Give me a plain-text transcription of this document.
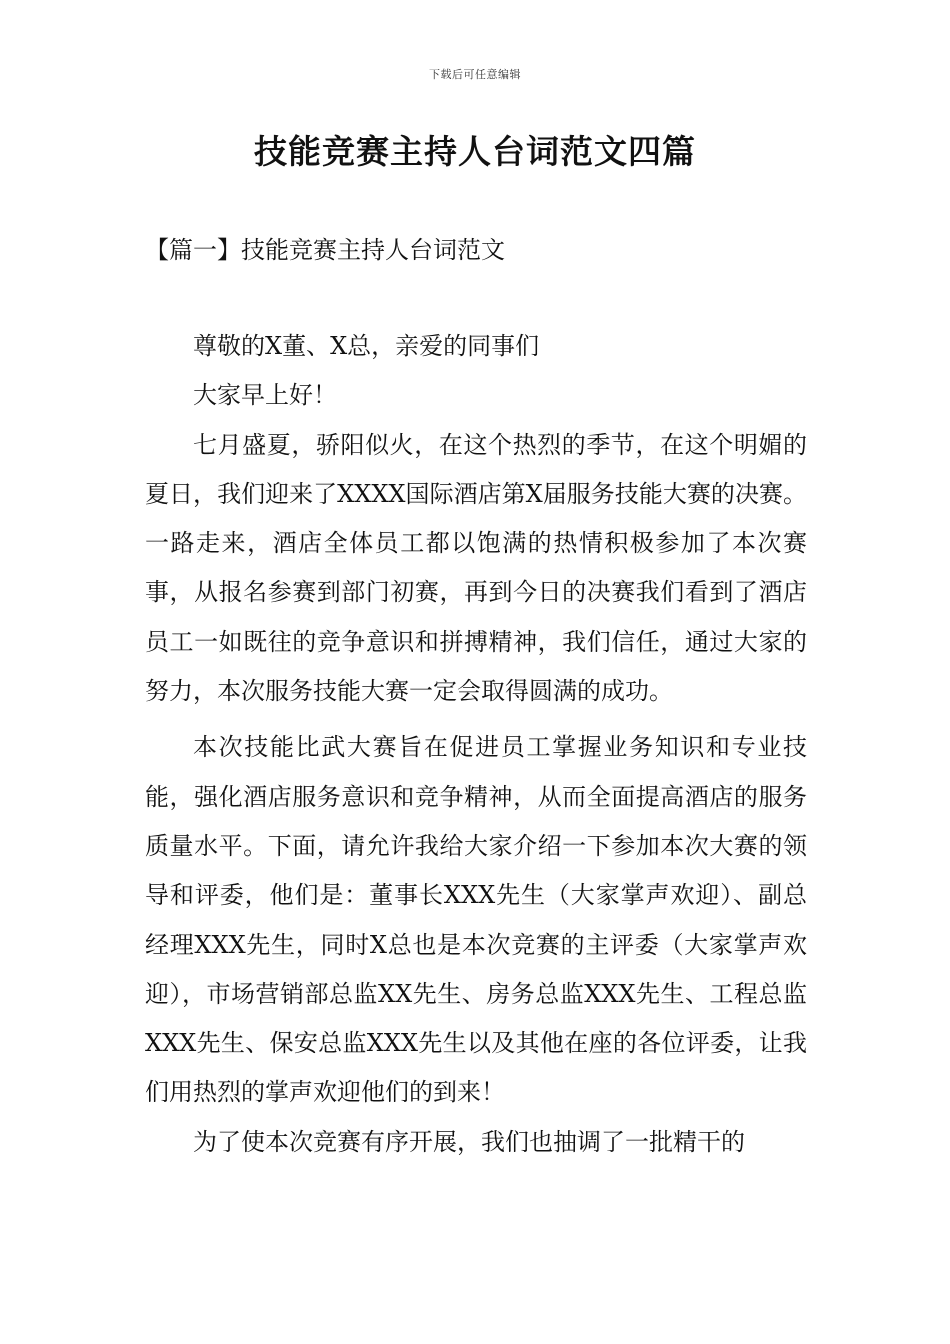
下载后可任意编辑
技能竞赛主持人台词范文四篇
【篇一】技能竞赛主持人台词范文

尊敬的X董、X总，亲爱的同事们

大家早上好！

七月盛夏，骄阳似火，在这个热烈的季节，在这个明媚的夏日，我们迎来了XXXX国际酒店第X届服务技能大赛的决赛。一路走来，酒店全体员工都以饱满的热情积极参加了本次赛事，从报名参赛到部门初赛，再到今日的决赛我们看到了酒店员工一如既往的竞争意识和拼搏精神，我们信任，通过大家的努力，本次服务技能大赛一定会取得圆满的成功。

本次技能比武大赛旨在促进员工掌握业务知识和专业技能，强化酒店服务意识和竞争精神，从而全面提高酒店的服务质量水平。下面，请允许我给大家介绍一下参加本次大赛的领导和评委，他们是：董事长XXX先生（大家掌声欢迎）、副总经理XXX先生，同时X总也是本次竞赛的主评委（大家掌声欢迎），市场营销部总监XX先生、房务总监XXX先生、工程总监XXX先生、保安总监XXX先生以及其他在座的各位评委，让我们用热烈的掌声欢迎他们的到来！

为了使本次竞赛有序开展，我们也抽调了一批精干的
